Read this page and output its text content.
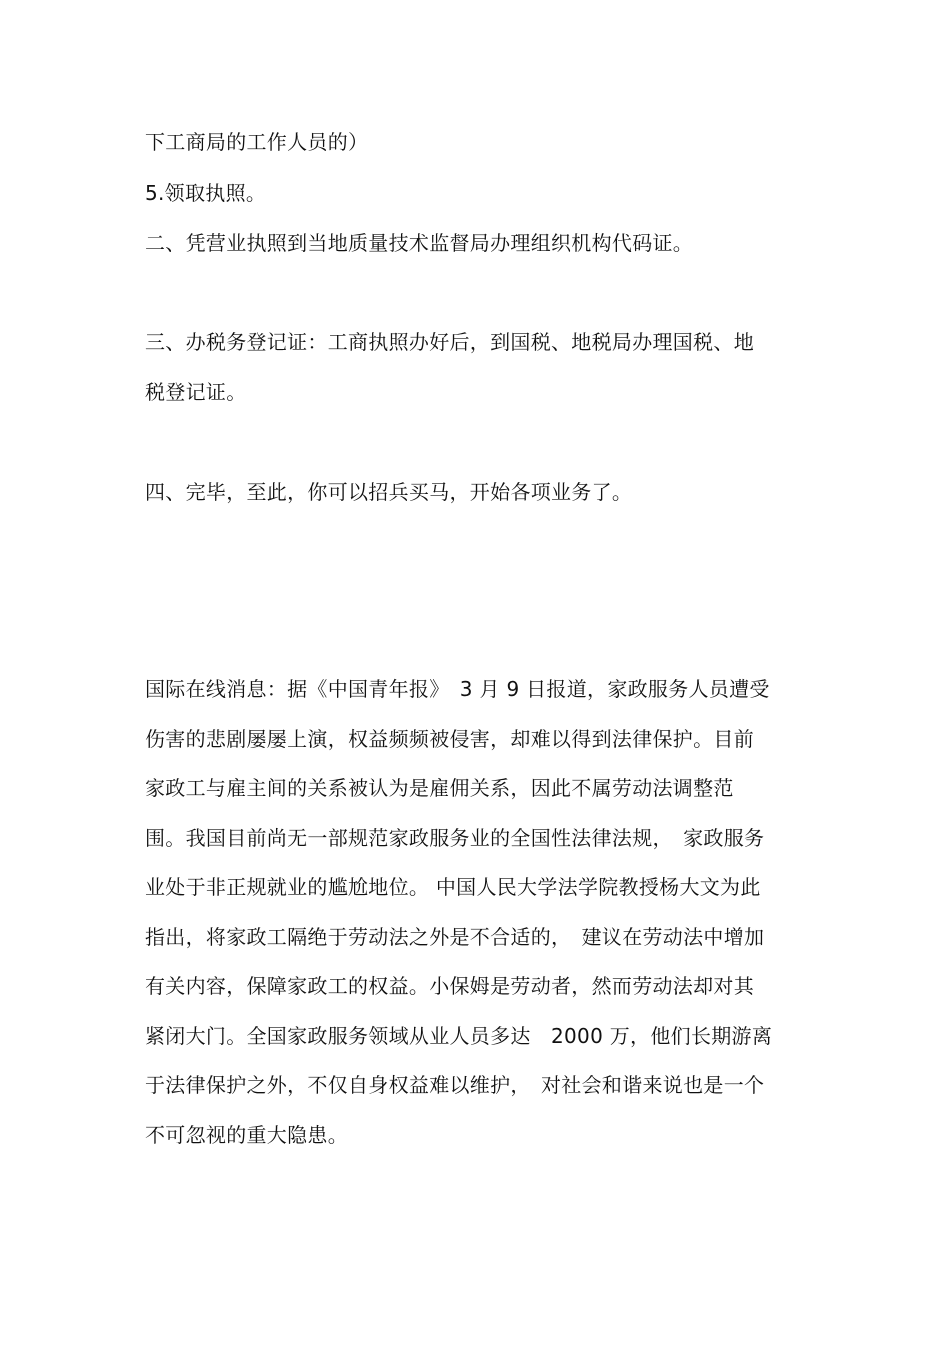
下工商局的工作人员的）
5.领取执照。
二、凭营业执照到当地质量技术监督局办理组织机构代码证。
三、办税务登记证：工商执照办好后，到国税、地税局办理国税、地
税登记证。
四、完毕，至此，你可以招兵买马，开始各项业务了。
国际在线消息：据《中国青年报》　3 月 9 日报道，家政服务人员遭受
伤害的悲剧屡屡上演，权益频频被侵害，却难以得到法律保护。目前
家政工与雇主间的关系被认为是雇佣关系，因此不属劳动法调整范
围。我国目前尚无一部规范家政服务业的全国性法律法规，　家政服务
业处于非正规就业的尴尬地位。 中国人民大学法学院教授杨大文为此
指出，将家政工隔绝于劳动法之外是不合适的，　建议在劳动法中增加
有关内容，保障家政工的权益。小保姆是劳动者，然而劳动法却对其
紧闭大门。全国家政服务领域从业人员多达　2000 万，他们长期游离
于法律保护之外，不仅自身权益难以维护，　对社会和谐来说也是一个
不可忽视的重大隐患。
